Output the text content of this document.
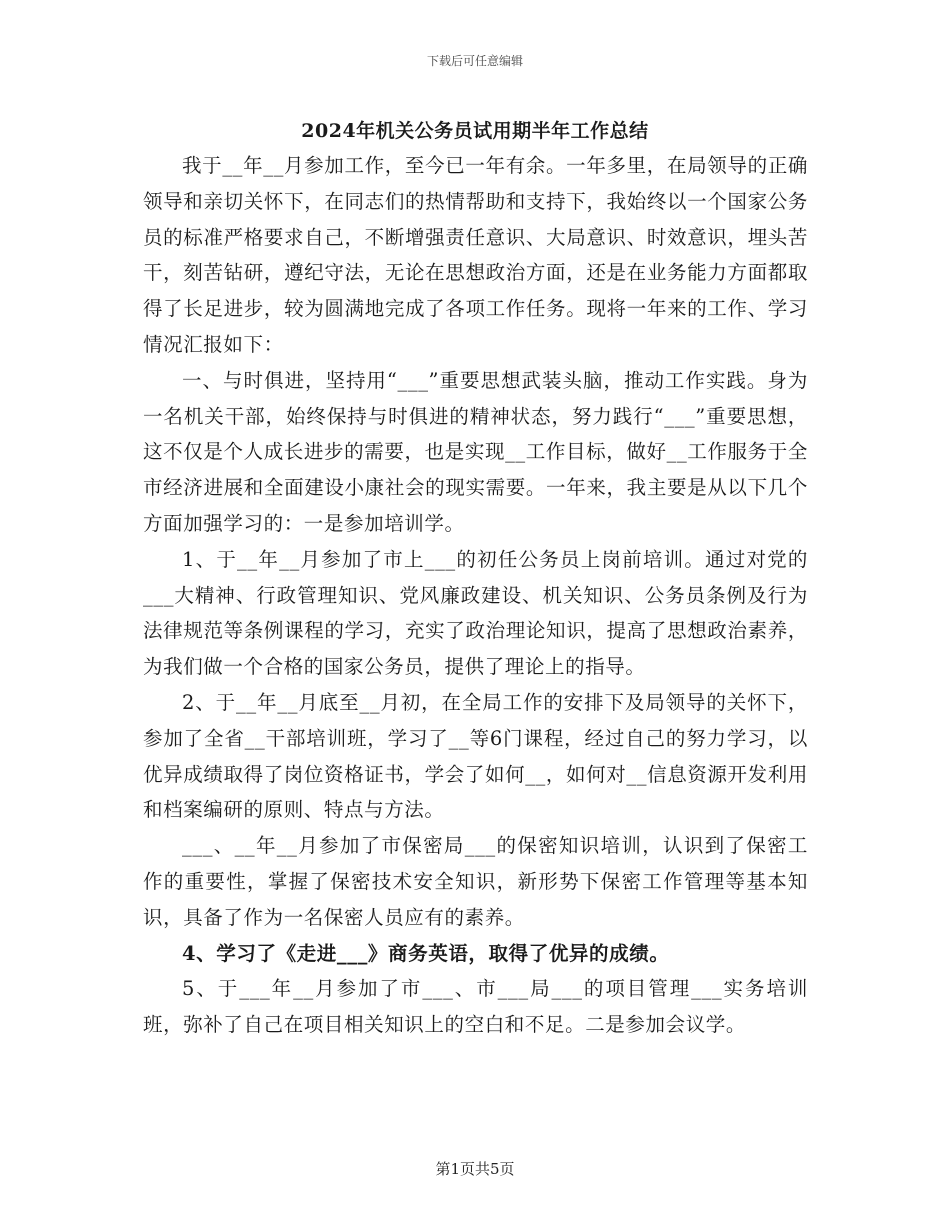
下载后可任意编辑
2024年机关公务员试用期半年工作总结

我于__年__月参加工作，至今已一年有余。一年多里，在局领导的正确领导和亲切关怀下，在同志们的热情帮助和支持下，我始终以一个国家公务员的标准严格要求自己，不断增强责任意识、大局意识、时效意识，埋头苦干，刻苦钻研，遵纪守法，无论在思想政治方面，还是在业务能力方面都取得了长足进步，较为圆满地完成了各项工作任务。现将一年来的工作、学习情况汇报如下：

一、与时俱进，坚持用“___”重要思想武装头脑，推动工作实践。身为一名机关干部，始终保持与时俱进的精神状态，努力践行“___”重要思想，这不仅是个人成长进步的需要，也是实现__工作目标，做好__工作服务于全市经济进展和全面建设小康社会的现实需要。一年来，我主要是从以下几个方面加强学习的：一是参加培训学。

1、于__年__月参加了市上___的初任公务员上岗前培训。通过对党的___大精神、行政管理知识、党风廉政建设、机关知识、公务员条例及行为法律规范等条例课程的学习，充实了政治理论知识，提高了思想政治素养，为我们做一个合格的国家公务员，提供了理论上的指导。

2、于__年__月底至__月初，在全局工作的安排下及局领导的关怀下，参加了全省__干部培训班，学习了__等6门课程，经过自己的努力学习，以优异成绩取得了岗位资格证书，学会了如何__，如何对__信息资源开发利用和档案编研的原则、特点与方法。

___、__年__月参加了市保密局___的保密知识培训，认识到了保密工作的重要性，掌握了保密技术安全知识，新形势下保密工作管理等基本知识，具备了作为一名保密人员应有的素养。

4、学习了《走进___》商务英语，取得了优异的成绩。

5、于___年__月参加了市___、市___局___的项目管理___实务培训班，弥补了自己在项目相关知识上的空白和不足。二是参加会议学。

第1页共5页
